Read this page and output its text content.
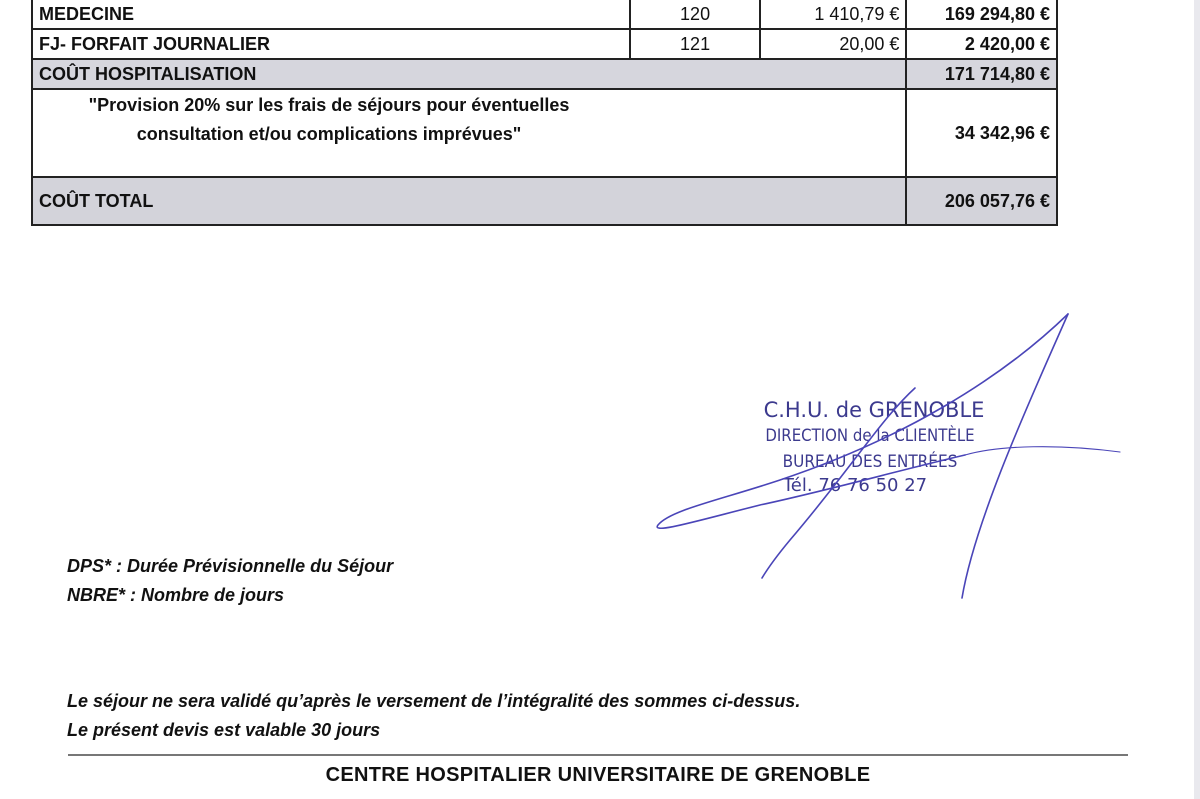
MEDECINE	120	1 410,79 €	169 294,80 €
FJ- FORFAIT JOURNALIER	121	20,00 €	2 420,00 €
COÛT HOSPITALISATION			171 714,80 €

"Provision 20% sur les frais de séjours pour éventuelles
consultation et/ou complications imprévues"			34 342,96 €
COÛT TOTAL			206 057,76 €
C.H.U. de GRENOBLE
DIRECTION de la CLIENTÈLE
BUREAU DES ENTRÉES
Tél. 76 76 50 27

DPS* : Durée Prévisionnelle du Séjour

NBRE* : Nombre de jours

Le séjour ne sera validé qu’après le versement de l’intégralité des sommes ci-dessus.

Le présent devis est valable 30 jours

CENTRE HOSPITALIER UNIVERSITAIRE DE GRENOBLE
